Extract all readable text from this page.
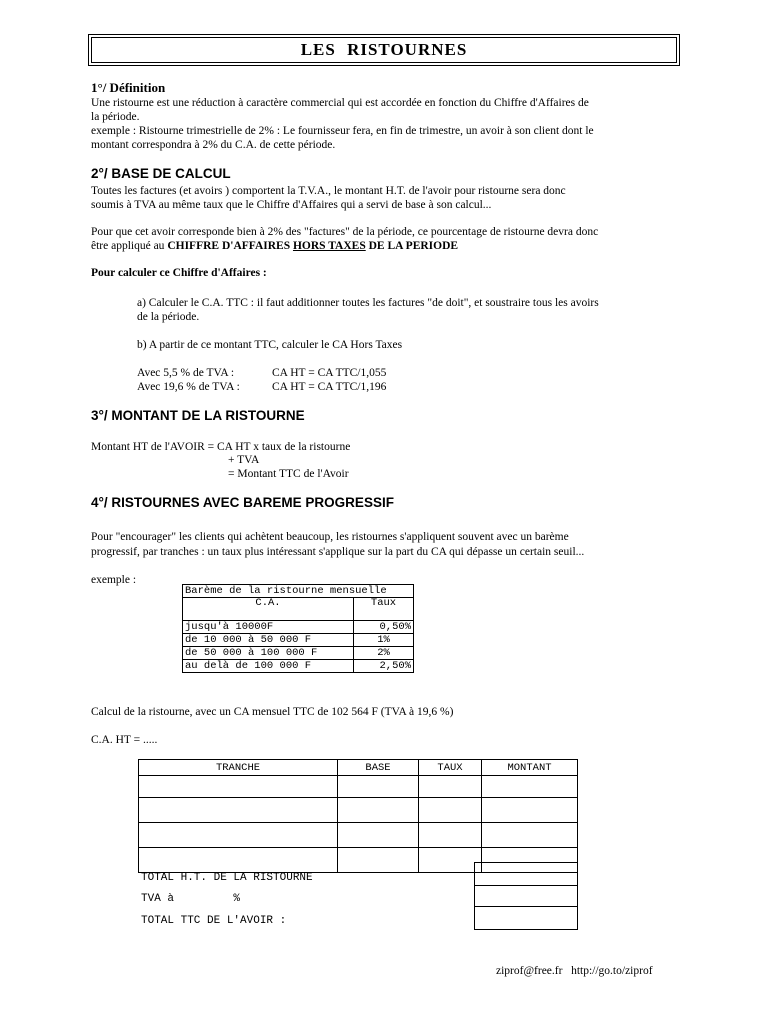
LES RISTOURNES
1°/ Définition
Une ristourne est une réduction à caractère commercial qui est accordée en fonction du Chiffre d'Affaires de
la période.
exemple : Ristourne trimestrielle de 2% : Le fournisseur fera, en fin de trimestre, un avoir à son client dont le
montant correspondra à 2% du C.A. de cette période.
2°/ BASE DE CALCUL
Toutes les factures (et avoirs ) comportent la T.V.A., le montant H.T. de l'avoir pour ristourne sera donc
soumis à TVA au même taux que le Chiffre d'Affaires qui a servi de base à son calcul...
Pour que cet avoir corresponde bien à 2% des "factures" de la période, ce pourcentage de ristourne devra donc
être appliqué au CHIFFRE D'AFFAIRES HORS TAXES DE LA PERIODE
Pour calculer ce Chiffre d'Affaires :
a) Calculer le C.A. TTC : il faut additionner toutes les factures "de doit", et soustraire tous les avoirs
de la période.
b) A partir de ce montant TTC, calculer le CA Hors Taxes
Avec 5,5 % de TVA :	CA HT = CA TTC/1,055
Avec 19,6 % de TVA :	CA HT = CA TTC/1,196
3°/ MONTANT DE LA RISTOURNE
Montant HT de l'AVOIR = CA HT x taux de la ristourne
+ TVA
= Montant TTC de l'Avoir
4°/ RISTOURNES AVEC BAREME PROGRESSIF
Pour "encourager" les clients qui achètent beaucoup, les ristournes s'appliquent souvent avec un barème
progressif, par tranches : un taux plus intéressant s'applique sur la part du CA qui dépasse un certain seuil...
exemple :
Barème de la ristourne mensuelle	
C.A.	Taux
jusqu'à 10000F	0,50%
de 10 000 à 50 000 F	1%
de 50 000 à 100 000 F	2%
au delà de 100 000 F	2,50%
Calcul de la ristourne, avec un CA mensuel TTC de 102 564 F (TVA à 19,6 %)
C.A. HT = .....
TRANCHE	BASE	TAUX	MONTANT

TOTAL H.T. DE LA RISTOURNE
TVA à         %
TOTAL TTC DE L'AVOIR :
ziprof@free.fr   http://go.to/ziprof
